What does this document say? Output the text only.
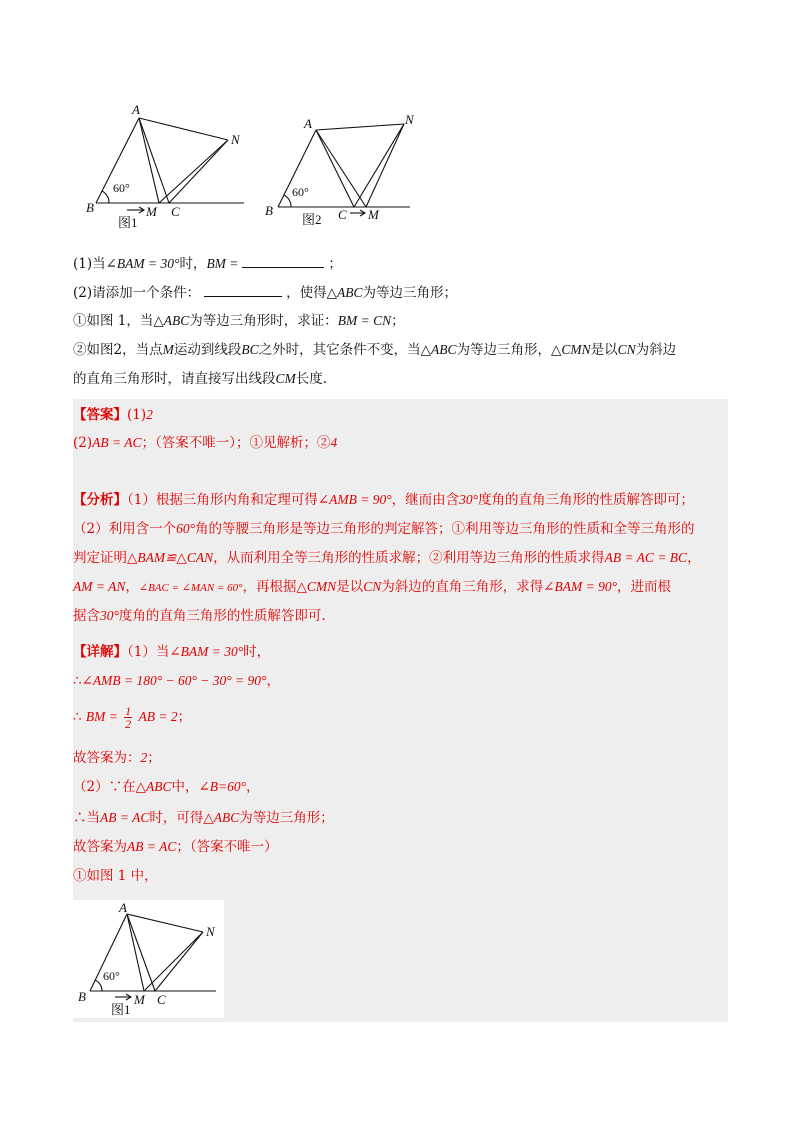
A
B	C
M
N
60°
图1
A
B	C M
N
60°
图2
(1)当∠BAM = 30°时，BM =	；
(2)请添加一个条件：	，使得△ABC为等边三角形；
①如图 1，当△ABC为等边三角形时，求证：BM = CN；
②如图2，当点M运动到线段BC之外时，其它条件不变，当△ABC为等边三角形，△CMN是以CN为斜边
的直角三角形时，请直接写出线段CM长度.
【答案】(1)2
(2)AB = AC；（答案不唯一）；①见解析；②4
【分析】（1）根据三角形内角和定理可得∠AMB = 90°，继而由含30°度角的直角三角形的性质解答即可；
（2）利用含一个60°角的等腰三角形是等边三角形的判定解答；①利用等边三角形的性质和全等三角形的
判定证明△BAM≌△CAN，从而利用全等三角形的性质求解；②利用等边三角形的性质求得AB = AC = BC，
AM = AN，∠BAC = ∠MAN = 60°，再根据△CMN是以CN为斜边的直角三角形，求得∠BAM = 90°，进而根
据含30°度角的直角三角形的性质解答即可.
【详解】（1）当∠BAM = 30°时，
∴∠AMB = 180° − 60° − 30° = 90°，
∴ BM = $\frac{1}{2}$ AB = 2；
故答案为：2；
（2）∵在△ABC中，∠B=60°，
∴当AB = AC时，可得△ABC为等边三角形；
故答案为AB = AC；（答案不唯一）
①如图 1 中，
A
B	C
M
N
60°
图1
